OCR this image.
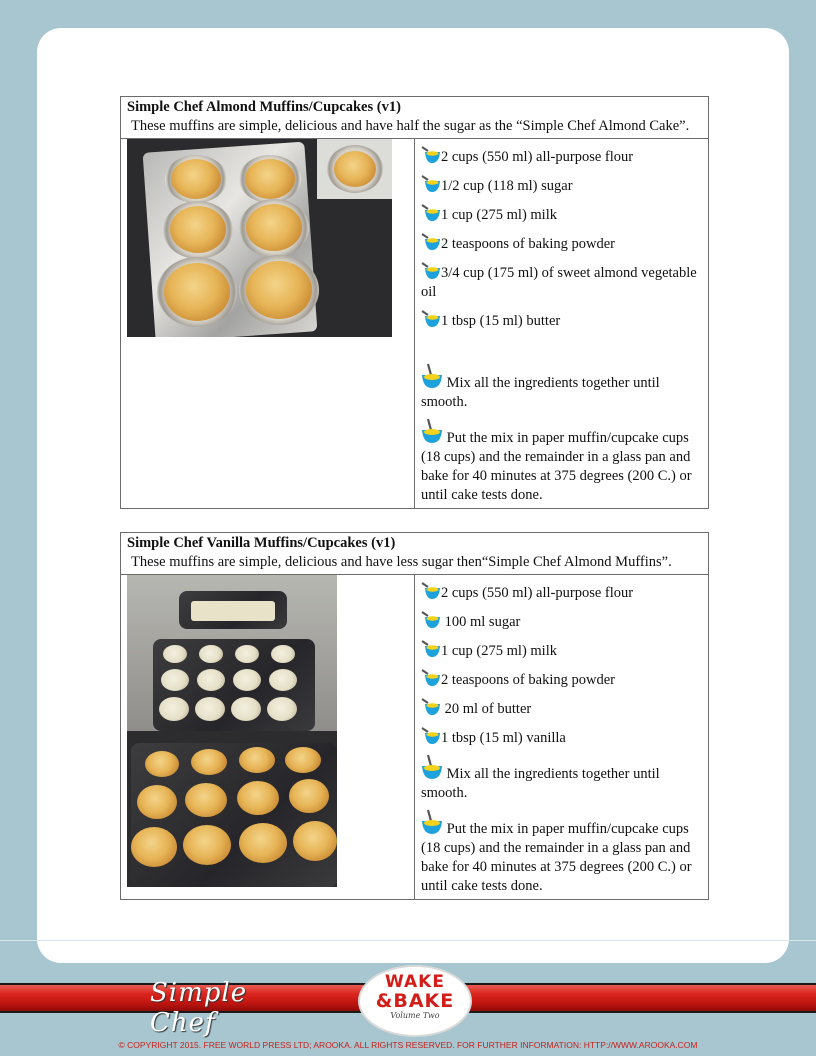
Simple Chef Almond Muffins/Cupcakes (v1)
These muffins are simple, delicious and have half the sugar as the “Simple Chef Almond Cake”.

2 cups (550 ml) all-purpose flour
1/2 cup (118 ml) sugar
1 cup (275 ml) milk
2 teaspoons of baking powder
3/4 cup (175 ml) of sweet almond vegetable oil
1 tbsp (15 ml) butter
Mix all the ingredients together until smooth.
Put the mix in paper muffin/cupcake cups (18 cups) and the remainder in a glass pan and bake for 40 minutes at 375 degrees (200 C.) or until cake tests done.
Simple Chef Vanilla Muffins/Cupcakes (v1)
These muffins are simple, delicious and have less sugar then“Simple Chef Almond Muffins”.

2 cups (550 ml) all-purpose flour
100 ml sugar
1 cup (275 ml) milk
2 teaspoons of baking powder
20 ml of butter
1 tbsp (15 ml) vanilla
Mix all the ingredients together until smooth.
Put the mix in paper muffin/cupcake cups (18 cups) and the remainder in a glass pan and bake for 40 minutes at 375 degrees (200 C.) or until cake tests done.
Simple Chef
WAKE
&BAKE
Volume Two
© COPYRIGHT 2015. FREE WORLD PRESS LTD; AROOKA. ALL RIGHTS RESERVED. FOR FURTHER INFORMATION: HTTP://WWW.AROOKA.COM
